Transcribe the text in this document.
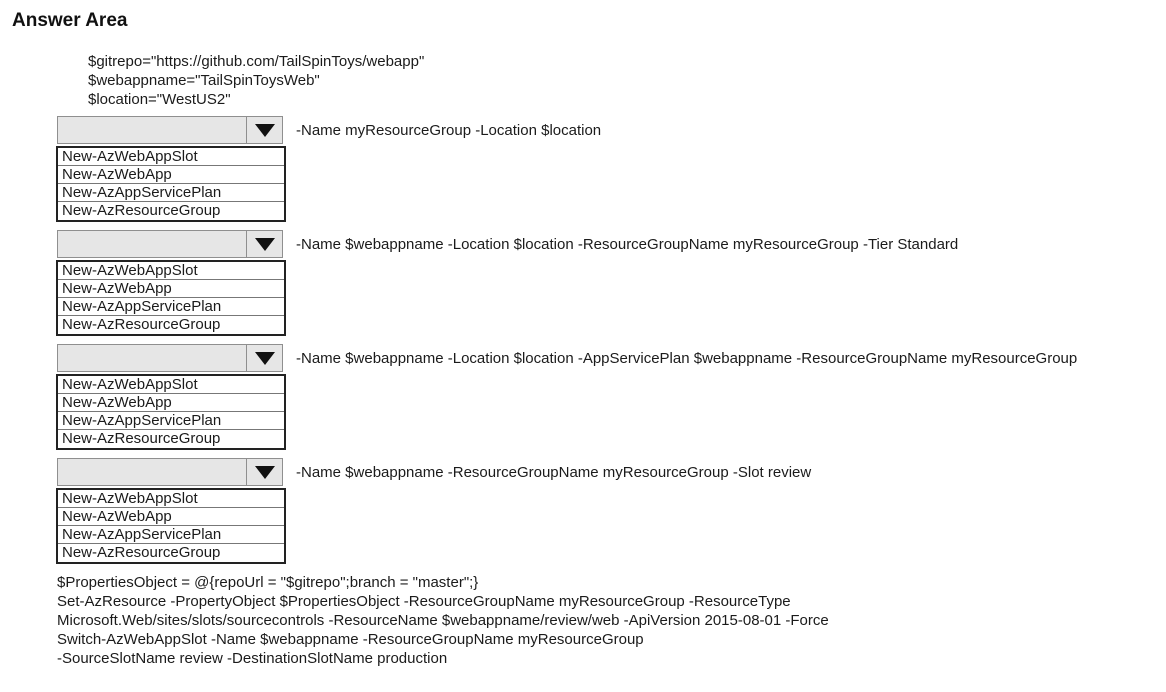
Answer Area
$gitrepo="https://github.com/TailSpinToys/webapp"
$webappname="TailSpinToysWeb"
$location="WestUS2"
-Name myResourceGroup -Location $location
New-AzWebAppSlot
New-AzWebApp
New-AzAppServicePlan
New-AzResourceGroup
-Name $webappname -Location $location -ResourceGroupName myResourceGroup -Tier Standard
New-AzWebAppSlot
New-AzWebApp
New-AzAppServicePlan
New-AzResourceGroup
-Name $webappname -Location $location -AppServicePlan $webappname -ResourceGroupName myResourceGroup
New-AzWebAppSlot
New-AzWebApp
New-AzAppServicePlan
New-AzResourceGroup
-Name $webappname -ResourceGroupName myResourceGroup -Slot review
New-AzWebAppSlot
New-AzWebApp
New-AzAppServicePlan
New-AzResourceGroup
$PropertiesObject = @{repoUrl = "$gitrepo";branch = "master";}
Set-AzResource -PropertyObject $PropertiesObject -ResourceGroupName myResourceGroup -ResourceType
Microsoft.Web/sites/slots/sourcecontrols -ResourceName $webappname/review/web -ApiVersion 2015-08-01 -Force
Switch-AzWebAppSlot -Name $webappname -ResourceGroupName myResourceGroup
-SourceSlotName review -DestinationSlotName production
